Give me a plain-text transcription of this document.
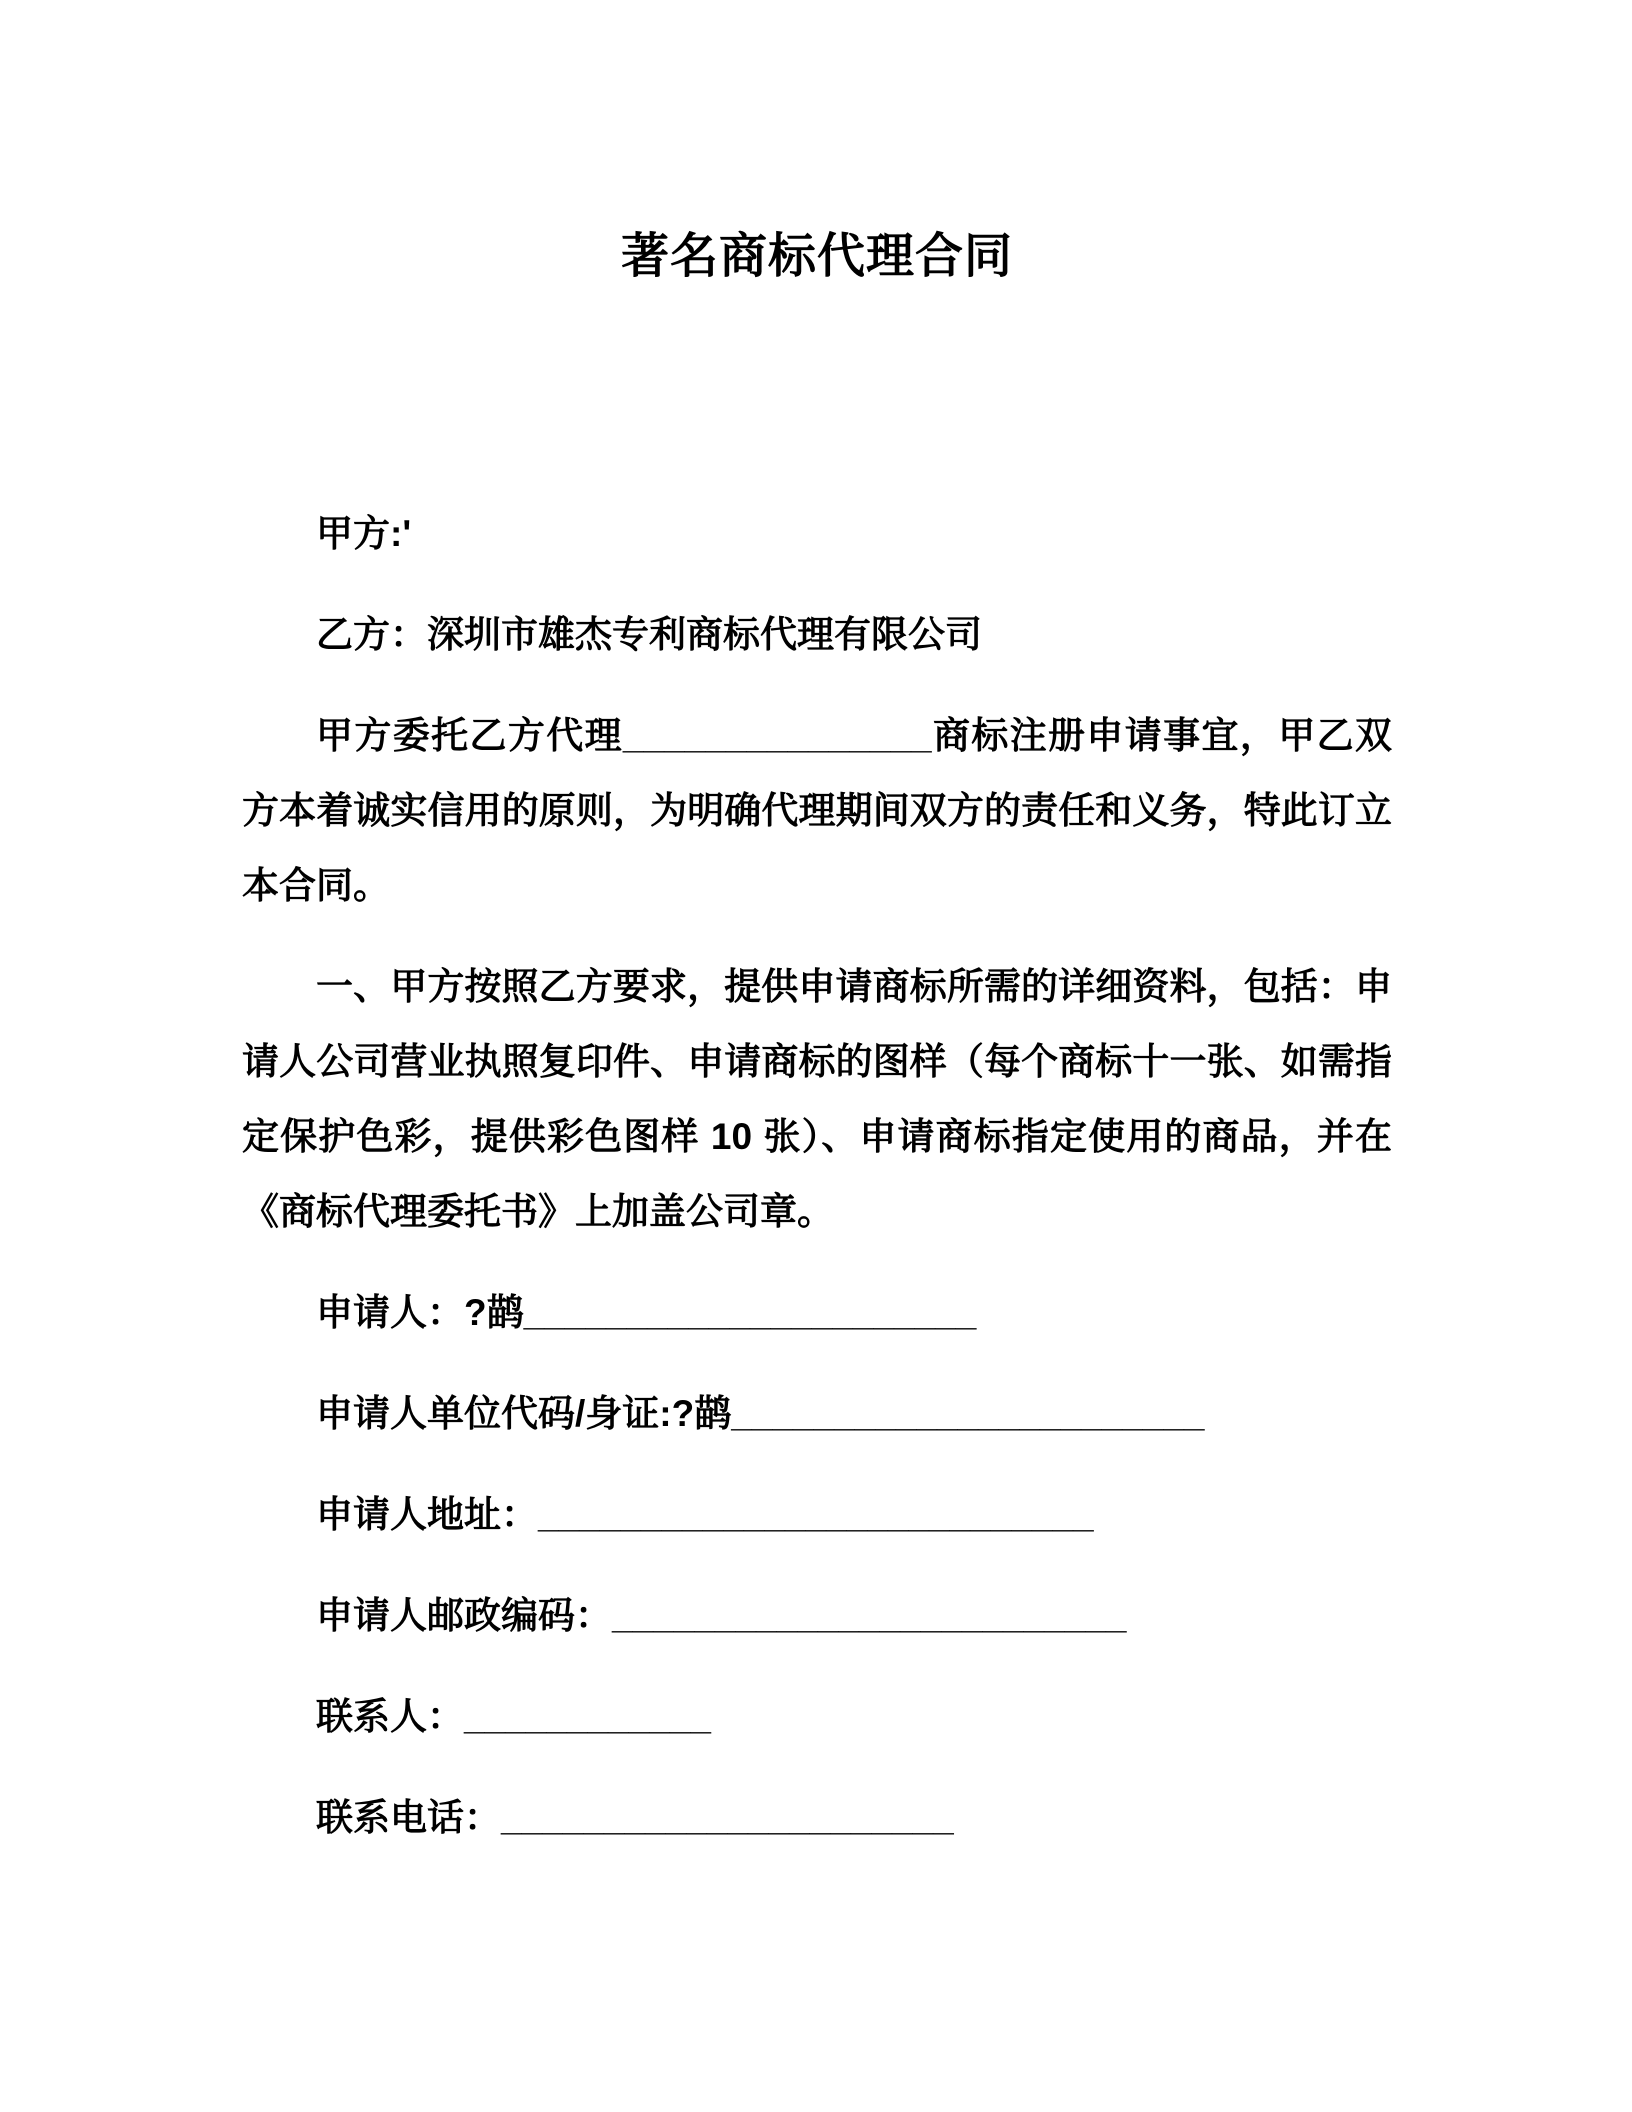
著名商标代理合同

甲方:'

乙方：深圳市雄杰专利商标代理有限公司

甲方委托乙方代理_______________商标注册申请事宜，甲乙双方本着诚实信用的原则，为明确代理期间双方的责任和义务，特此订立本合同。

一、甲方按照乙方要求，提供申请商标所需的详细资料，包括：申请人公司营业执照复印件、申请商标的图样（每个商标十一张、如需指定保护色彩，提供彩色图样 10 张）、申请商标指定使用的商品，并在《商标代理委托书》上加盖公司章。

申请人：?鹋______________________

申请人单位代码/身证:?鹋_______________________

申请人地址：___________________________

申请人邮政编码：_________________________

联系人：____________

联系电话：______________________
